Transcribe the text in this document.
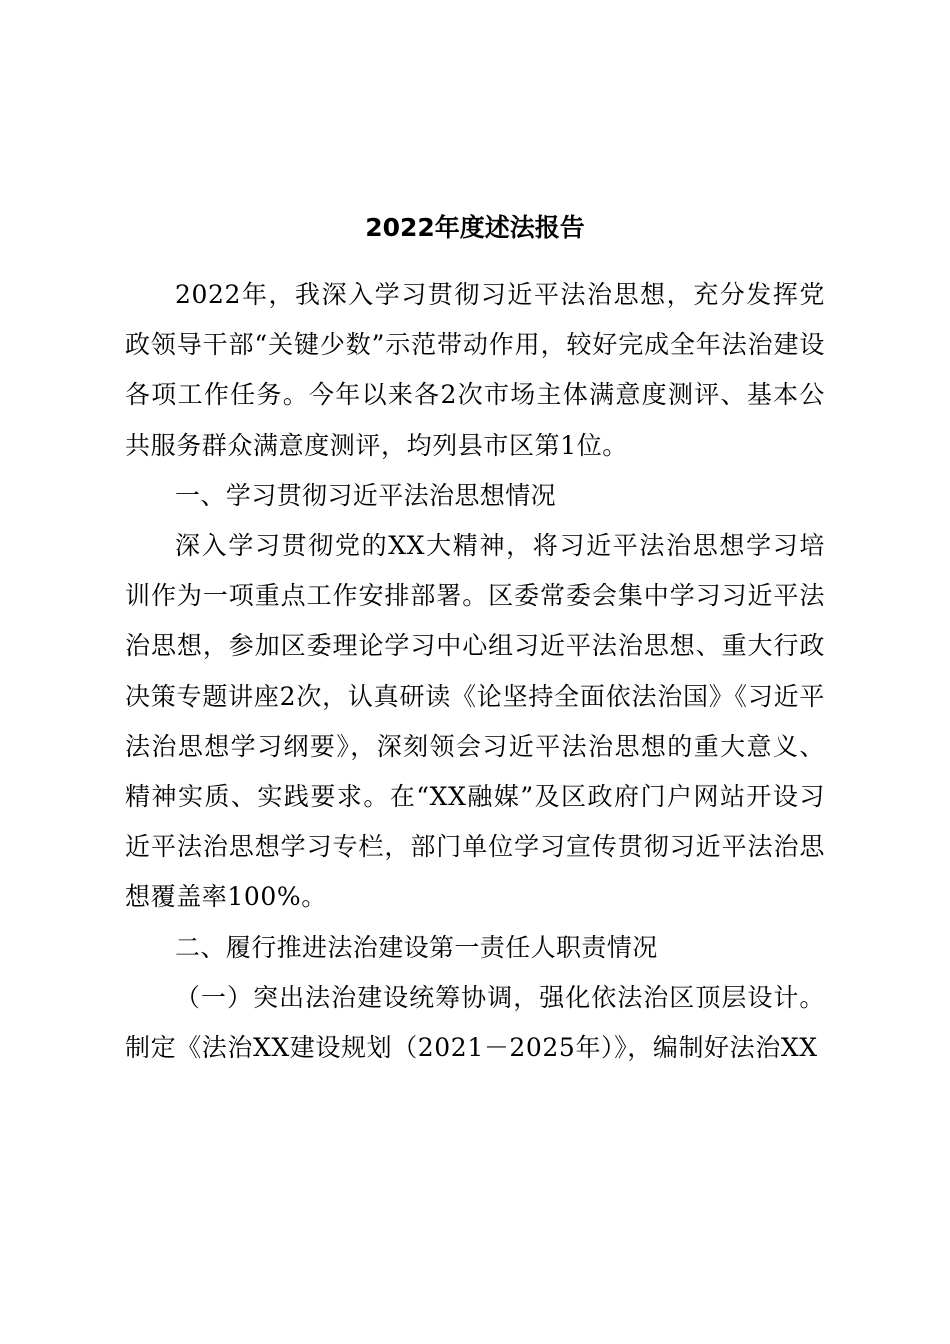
2022年度述法报告

2022年，我深入学习贯彻习近平法治思想，充分发挥党政领导干部“关键少数”示范带动作用，较好完成全年法治建设各项工作任务。今年以来各2次市场主体满意度测评、基本公共服务群众满意度测评，均列县市区第1位。

一、学习贯彻习近平法治思想情况

深入学习贯彻党的XX大精神，将习近平法治思想学习培训作为一项重点工作安排部署。区委常委会集中学习习近平法治思想，参加区委理论学习中心组习近平法治思想、重大行政决策专题讲座2次，认真研读《论坚持全面依法治国》《习近平法治思想学习纲要》，深刻领会习近平法治思想的重大意义、精神实质、实践要求。在“XX融媒”及区政府门户网站开设习近平法治思想学习专栏，部门单位学习宣传贯彻习近平法治思想覆盖率100%。

二、履行推进法治建设第一责任人职责情况

（一）突出法治建设统筹协调，强化依法治区顶层设计。制定《法治XX建设规划（2021－2025年）》，编制好法治XX
